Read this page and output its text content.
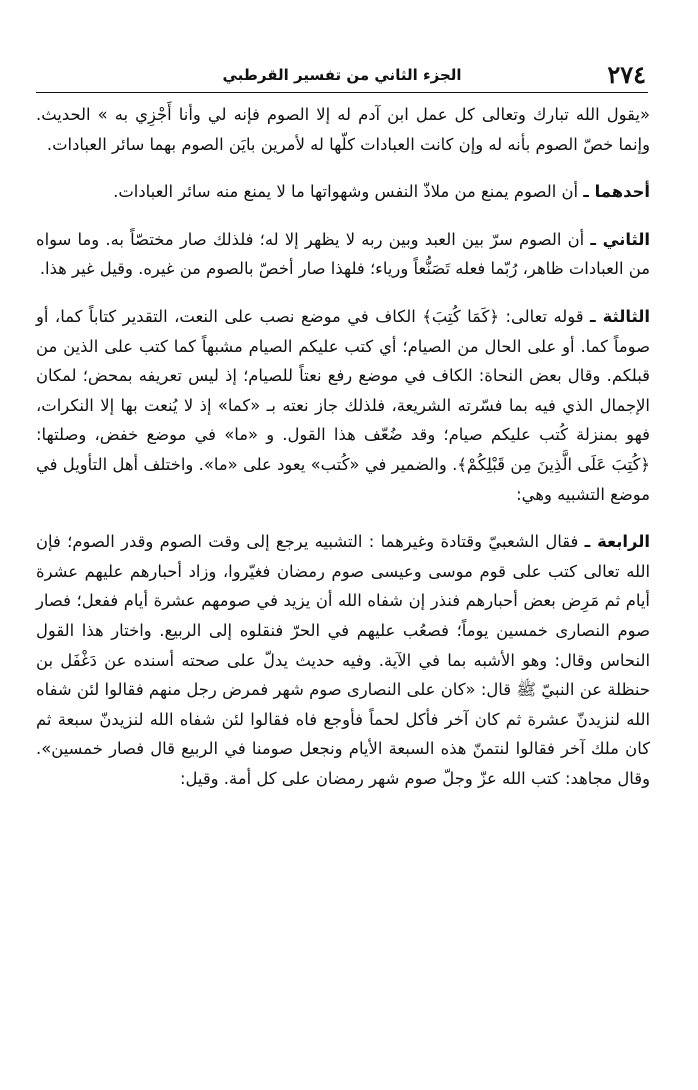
٢٧٤
الجزء الثاني من تفسير القرطبي

«يقول الله تبارك وتعالى كل عمل ابن آدم له إلا الصوم فإنه لي وأنا أَجْزِي به » الحديث. وإنما خصّ الصوم بأنه له وإن كانت العبادات كلّها له لأمرين بايَن الصوم بهما سائر العبادات.

أحدهما ـ أن الصوم يمنع من ملاذّ النفس وشهواتها ما لا يمنع منه سائر العبادات.

الثاني ـ أن الصوم سرّ بين العبد وبين ربه لا يظهر إلا له؛ فلذلك صار مختصّاً به. وما سواه من العبادات ظاهر، رُبّما فعله تَصَنُّعاً ورياء؛ فلهذا صار أخصّ بالصوم من غيره. وقيل غير هذا.

الثالثة ـ قوله تعالى: ﴿كَمَا كُتِبَ﴾ الكاف في موضع نصب على النعت، التقدير كتاباً كما، أو صوماً كما. أو على الحال من الصيام؛ أي كتب عليكم الصيام مشبهاً كما كتب على الذين من قبلكم. وقال بعض النحاة: الكاف في موضع رفع نعتاً للصيام؛ إذ ليس تعريفه بمحض؛ لمكان الإجمال الذي فيه بما فسّرته الشريعة، فلذلك جاز نعته بـ «كما» إذ لا يُنعت بها إلا النكرات، فهو بمنزلة كُتب عليكم صيام؛ وقد ضُعّف هذا القول. و «ما» في موضع خفض، وصلتها: ﴿كُتِبَ عَلَى الَّذِينَ مِن قَبْلِكُمْ﴾. والضمير في «كُتب» يعود على «ما». واختلف أهل التأويل في موضع التشبيه وهي:

الرابعة ـ فقال الشعبيّ وقتادة وغيرهما : التشبيه يرجع إلى وقت الصوم وقدر الصوم؛ فإن الله تعالى كتب على قوم موسى وعيسى صوم رمضان فغيّروا، وزاد أحبارهم عليهم عشرة أيام ثم مَرِض بعض أحبارهم فنذر إن شفاه الله أن يزيد في صومهم عشرة أيام ففعل؛ فصار صوم النصارى خمسين يوماً؛ فصعُب عليهم في الحرّ فنقلوه إلى الربيع. واختار هذا القول النحاس وقال: وهو الأشبه بما في الآية. وفيه حديث يدلّ على صحته أسنده عن دَغْفَل بن حنظلة عن النبيّ ﷺ قال: «كان على النصارى صوم شهر فمرض رجل منهم فقالوا لئن شفاه الله لنزيدنّ عشرة ثم كان آخر فأكل لحماً فأوجع فاه فقالوا لئن شفاه الله لنزيدنّ سبعة ثم كان ملك آخر فقالوا لنتمنّ هذه السبعة الأيام ونجعل صومنا في الربيع قال فصار خمسين». وقال مجاهد: كتب الله عزّ وجلّ صوم شهر رمضان على كل أمة. وقيل:
